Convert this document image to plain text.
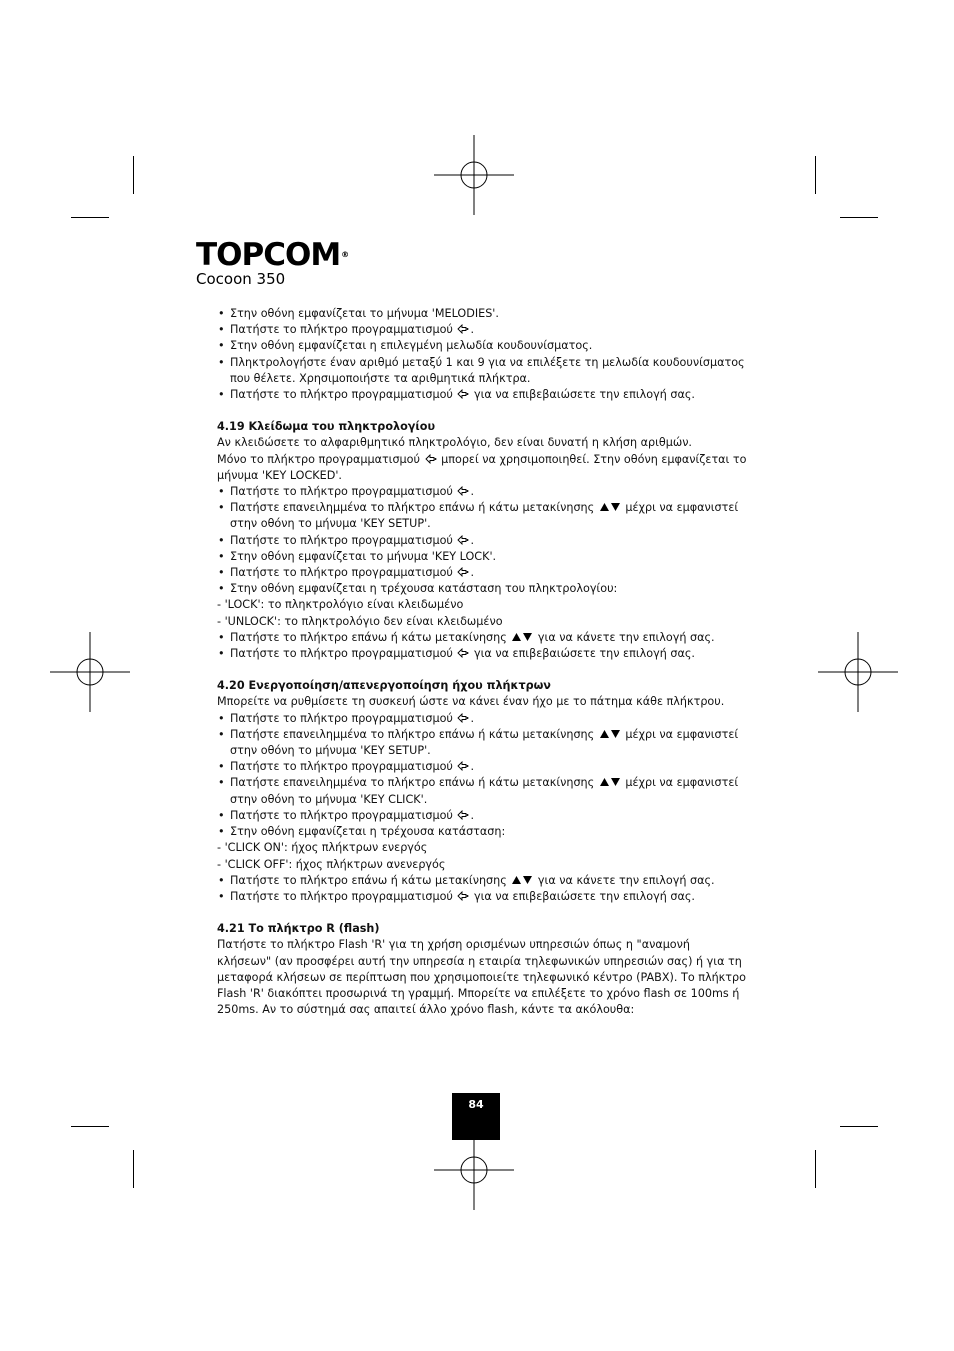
TOPCOM®
Cocoon 350

• Στην οθόνη εμφανίζεται το μήνυμα 'MELODIES'.

• Πατήστε το πλήκτρο προγραμματισμού .

• Στην οθόνη εμφανίζεται η επιλεγμένη μελωδία κουδουνίσματος.

• Πληκτρολογήστε έναν αριθμό μεταξύ 1 και 9 για να επιλέξετε τη μελωδία κουδουνίσματος που θέλετε. Χρησιμοποιήστε τα αριθμητικά πλήκτρα.

• Πατήστε το πλήκτρο προγραμματισμού  για να επιβεβαιώσετε την επιλογή σας.

4.19 Κλείδωμα του πληκτρολογίου

Αν κλειδώσετε το αλφαριθμητικό πληκτρολόγιο, δεν είναι δυνατή η κλήση αριθμών.

Μόνο το πλήκτρο προγραμματισμού  μπορεί να χρησιμοποιηθεί. Στην οθόνη εμφανίζεται το μήνυμα 'KEY LOCKED'.

• Πατήστε το πλήκτρο προγραμματισμού .

• Πατήστε επανειλημμένα το πλήκτρο επάνω ή κάτω μετακίνησης  μέχρι να εμφανιστεί στην οθόνη το μήνυμα 'KEY SETUP'.

• Πατήστε το πλήκτρο προγραμματισμού .

• Στην οθόνη εμφανίζεται το μήνυμα 'KEY LOCK'.

• Πατήστε το πλήκτρο προγραμματισμού .

• Στην οθόνη εμφανίζεται η τρέχουσα κατάσταση του πληκτρολογίου:

- 'LOCK': το πληκτρολόγιο είναι κλειδωμένο

- 'UNLOCK': το πληκτρολόγιο δεν είναι κλειδωμένο

• Πατήστε το πλήκτρο επάνω ή κάτω μετακίνησης  για να κάνετε την επιλογή σας.

• Πατήστε το πλήκτρο προγραμματισμού  για να επιβεβαιώσετε την επιλογή σας.

4.20 Ενεργοποίηση/απενεργοποίηση ήχου πλήκτρων

Μπορείτε να ρυθμίσετε τη συσκευή ώστε να κάνει έναν ήχο με το πάτημα κάθε πλήκτρου.

• Πατήστε το πλήκτρο προγραμματισμού .

• Πατήστε επανειλημμένα το πλήκτρο επάνω ή κάτω μετακίνησης  μέχρι να εμφανιστεί στην οθόνη το μήνυμα 'KEY SETUP'.

• Πατήστε το πλήκτρο προγραμματισμού .

• Πατήστε επανειλημμένα το πλήκτρο επάνω ή κάτω μετακίνησης  μέχρι να εμφανιστεί στην οθόνη το μήνυμα 'KEY CLICK'.

• Πατήστε το πλήκτρο προγραμματισμού .

• Στην οθόνη εμφανίζεται η τρέχουσα κατάσταση:

- 'CLICK ON': ήχος πλήκτρων ενεργός

- 'CLICK OFF': ήχος πλήκτρων ανενεργός

• Πατήστε το πλήκτρο επάνω ή κάτω μετακίνησης  για να κάνετε την επιλογή σας.

• Πατήστε το πλήκτρο προγραμματισμού  για να επιβεβαιώσετε την επιλογή σας.

4.21 Το πλήκτρο R (flash)

Πατήστε το πλήκτρο Flash 'R' για τη χρήση ορισμένων υπηρεσιών όπως η "αναμονή κλήσεων" (αν προσφέρει αυτή την υπηρεσία η εταιρία τηλεφωνικών υπηρεσιών σας) ή για τη μεταφορά κλήσεων σε περίπτωση που χρησιμοποιείτε τηλεφωνικό κέντρο (PABX). Το πλήκτρο Flash 'R' διακόπτει προσωρινά τη γραμμή. Μπορείτε να επιλέξετε το χρόνο flash σε 100ms ή 250ms. Αν το σύστημά σας απαιτεί άλλο χρόνο flash, κάντε τα ακόλουθα:

84
